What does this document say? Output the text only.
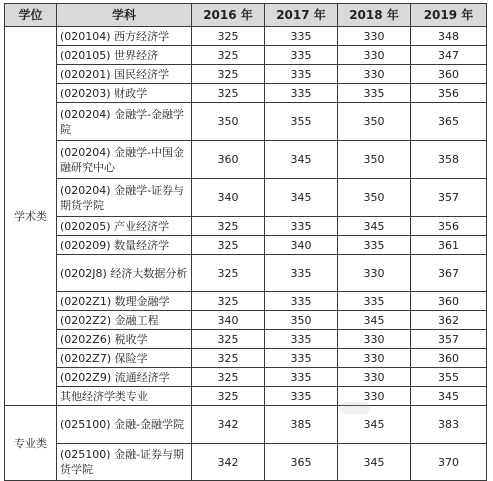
学位	学科	2016 年	2017 年	2018 年	2019 年
学术类	(020104) 西方经济学	325	335	330	348
	(020105) 世界经济	325	335	330	347
	(020201) 国民经济学	325	335	330	360
	(020203) 财政学	325	335	335	356
	(020204) 金融学-金融学院	350	355	350	365
	(020204) 金融学-中国金融研究中心	360	345	350	358
	(020204) 金融学-证券与期货学院	340	345	350	357
	(020205) 产业经济学	325	335	345	356
	(020209) 数量经济学	325	340	335	361
	(0202J8) 经济大数据分析	325	335	330	367
	(0202Z1) 数理金融学	325	335	335	360
	(0202Z2) 金融工程	340	350	345	362
	(0202Z6) 税收学	325	335	330	357
	(0202Z7) 保险学	325	335	330	360
	(0202Z9) 流通经济学	325	335	330	355
	其他经济学类专业	325	335	330	345
专业类	(025100) 金融-金融学院	342	385	345	383
	(025100) 金融-证券与期货学院	342	365	345	370
